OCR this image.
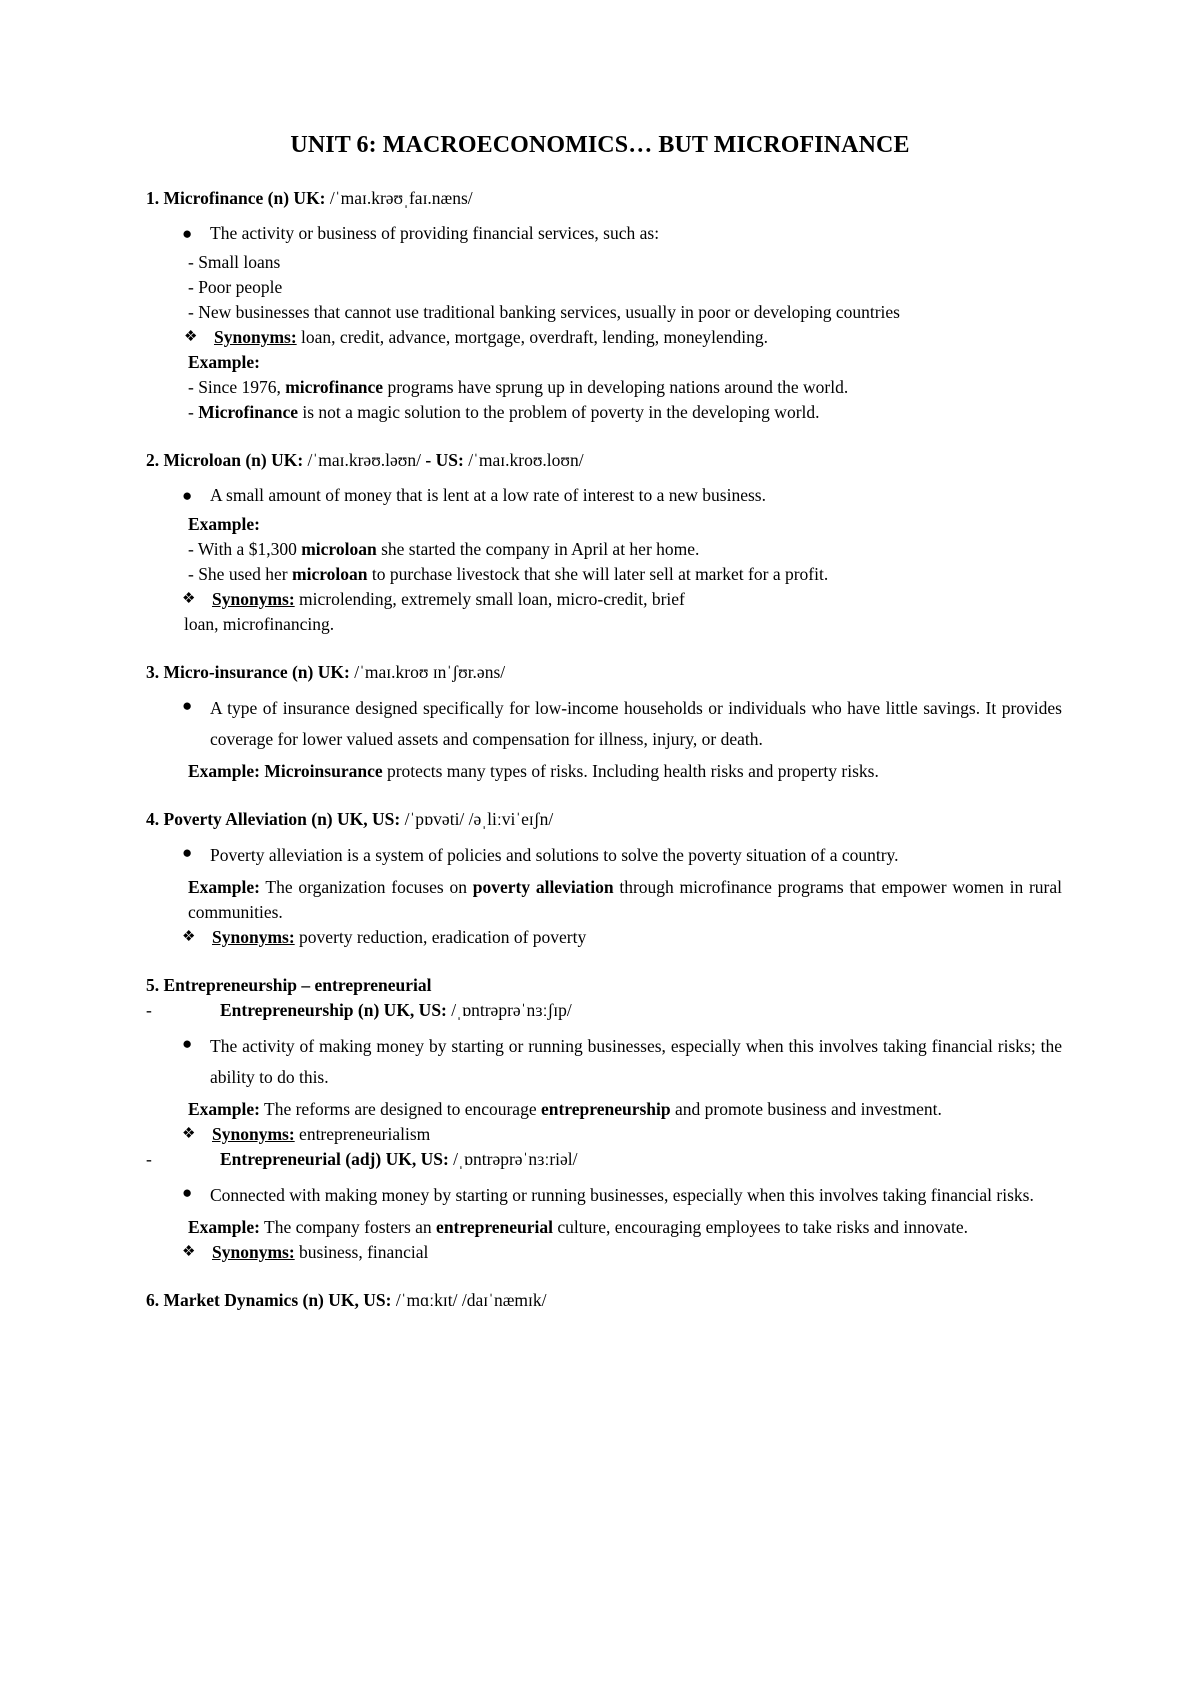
UNIT 6: MACROECONOMICS… BUT MICROFINANCE

1. Microfinance (n) UK: /ˈmaɪ.krəʊˌfaɪ.næns/

●	The activity or business of providing financial services, such as:
- Small loans
- Poor people
- New businesses that cannot use traditional banking services, usually in poor or developing countries
❖ Synonyms: loan, credit, advance, mortgage, overdraft, lending, moneylending.
Example:
- Since 1976, microfinance programs have sprung up in developing nations around the world.
- Microfinance is not a magic solution to the problem of poverty in the developing world.

2. Microloan (n) UK: /ˈmaɪ.krəʊ.ləʊn/ - US: /ˈmaɪ.kroʊ.loʊn/

●	A small amount of money that is lent at a low rate of interest to a new business.
Example:
- With a $1,300 microloan she started the company in April at her home.
- She used her microloan to purchase livestock that she will later sell at market for a profit.
❖ Synonyms: microlending, extremely small loan, micro-credit, brief
loan, microfinancing.

3. Micro-insurance (n) UK: /ˈmaɪ.kroʊ ɪnˈʃʊr.əns/

●	A type of insurance designed specifically for low-income households or individuals who have little savings. It provides coverage for lower valued assets and compensation for illness, injury, or death.
Example: Microinsurance protects many types of risks. Including health risks and property risks.

4. Poverty Alleviation (n) UK, US: /ˈpɒvəti/ /əˌliːviˈeɪʃn/

●	Poverty alleviation is a system of policies and solutions to solve the poverty situation of a country.
Example: The organization focuses on poverty alleviation through microfinance programs that empower women in rural communities.
❖ Synonyms: poverty reduction, eradication of poverty

5. Entrepreneurship – entrepreneurial

-	Entrepreneurship (n) UK, US: /ˌɒntrəprəˈnɜːʃɪp/
●	The activity of making money by starting or running businesses, especially when this involves taking financial risks; the ability to do this.
Example: The reforms are designed to encourage entrepreneurship and promote business and investment.
❖ Synonyms: entrepreneurialism
-	Entrepreneurial (adj) UK, US: /ˌɒntrəprəˈnɜːriəl/
●	Connected with making money by starting or running businesses, especially when this involves taking financial risks.
Example: The company fosters an entrepreneurial culture, encouraging employees to take risks and innovate.
❖ Synonyms: business, financial

6. Market Dynamics (n) UK, US: /ˈmɑːkɪt/ /daɪˈnæmɪk/
